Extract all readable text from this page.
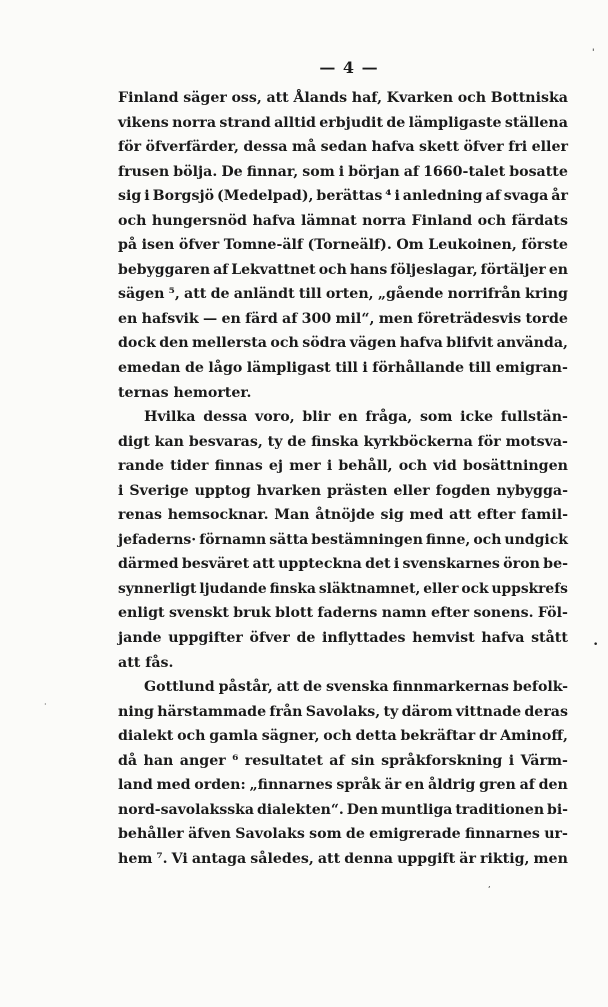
— 4 —
Finland säger oss, att Ålands haf, Kvarken och Bottniska
vikens norra strand alltid erbjudit de lämpligaste ställena
för öfverfärder, dessa må sedan hafva skett öfver fri eller
frusen bölja. De finnar, som i början af 1660-talet bosatte
sig i Borgsjö (Medelpad), berättas ⁴ i anledning af svaga år
och hungersnöd hafva lämnat norra Finland och färdats
på isen öfver Tomne-älf (Torneälf). Om Leukoinen, förste
bebyggaren af Lekvattnet och hans följeslagar, förtäljer en
sägen ⁵, att de anländt till orten, „gående norrifrån kring
en hafsvik — en färd af 300 mil“, men företrädesvis torde
dock den mellersta och södra vägen hafva blifvit använda,
emedan de lågo lämpligast till i förhållande till emigran-
ternas
hemorter.
Hvilka dessa voro, blir en fråga, som icke fullstän-
digt kan besvaras, ty de finska kyrkböckerna för motsva-
rande tider finnas ej mer i behåll, och vid bosättningen
i Sverige upptog hvarken prästen eller fogden nybygga-
renas hemsocknar. Man åtnöjde sig med att efter famil-
jefaderns· förnamn sätta bestämningen finne, och undgick
därmed besväret att uppteckna det i svenskarnes öron be-
synnerligt ljudande finska släktnamnet, eller ock uppskrefs
enligt svenskt bruk blott faderns namn efter sonens. Föl-
jande uppgifter öfver de inflyttades hemvist hafva stått
att
fås.
Gottlund påstår, att de svenska finnmarkernas befolk-
ning härstammade från Savolaks, ty därom vittnade deras
dialekt och gamla sägner, och detta bekräftar dr Aminoff,
då han anger ⁶ resultatet af sin språkforskning i Värm-
land med orden: „finnarnes språk är en åldrig gren af den
nord-savolaksska dialekten“. Den muntliga traditionen bi-
behåller äfven Savolaks som de emigrerade finnarnes ur-
hem ⁷. Vi antaga således, att denna uppgift är riktig, men
'
•
·
,
